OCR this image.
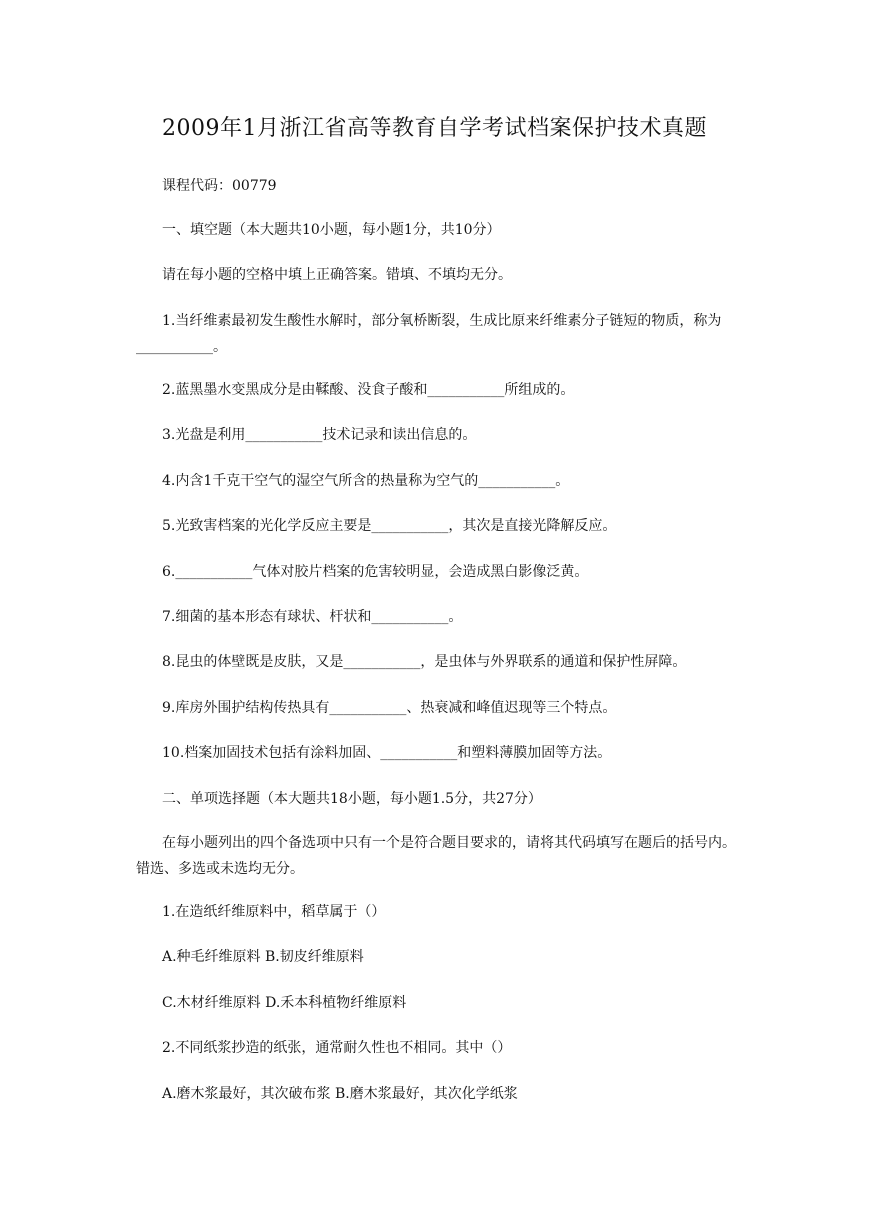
2009年1月浙江省高等教育自学考试档案保护技术真题

课程代码：00779

一、填空题（本大题共10小题，每小题1分，共10分）

请在每小题的空格中填上正确答案。错填、不填均无分。

1.当纤维素最初发生酸性水解时，部分氧桥断裂，生成比原来纤维素分子链短的物质，称为___________。

2.蓝黑墨水变黑成分是由鞣酸、没食子酸和___________所组成的。

3.光盘是利用___________技术记录和读出信息的。

4.内含1千克干空气的湿空气所含的热量称为空气的___________。

5.光致害档案的光化学反应主要是___________，其次是直接光降解反应。

6.___________气体对胶片档案的危害较明显，会造成黑白影像泛黄。

7.细菌的基本形态有球状、杆状和___________。

8.昆虫的体壁既是皮肤，又是___________，是虫体与外界联系的通道和保护性屏障。

9.库房外围护结构传热具有___________、热衰减和峰值迟现等三个特点。

10.档案加固技术包括有涂料加固、___________和塑料薄膜加固等方法。

二、单项选择题（本大题共18小题，每小题1.5分，共27分）

在每小题列出的四个备选项中只有一个是符合题目要求的，请将其代码填写在题后的括号内。错选、多选或未选均无分。

1.在造纸纤维原料中，稻草属于（）

A.种毛纤维原料 B.韧皮纤维原料

C.木材纤维原料 D.禾本科植物纤维原料

2.不同纸浆抄造的纸张，通常耐久性也不相同。其中（）

A.磨木浆最好，其次破布浆 B.磨木浆最好，其次化学纸浆
